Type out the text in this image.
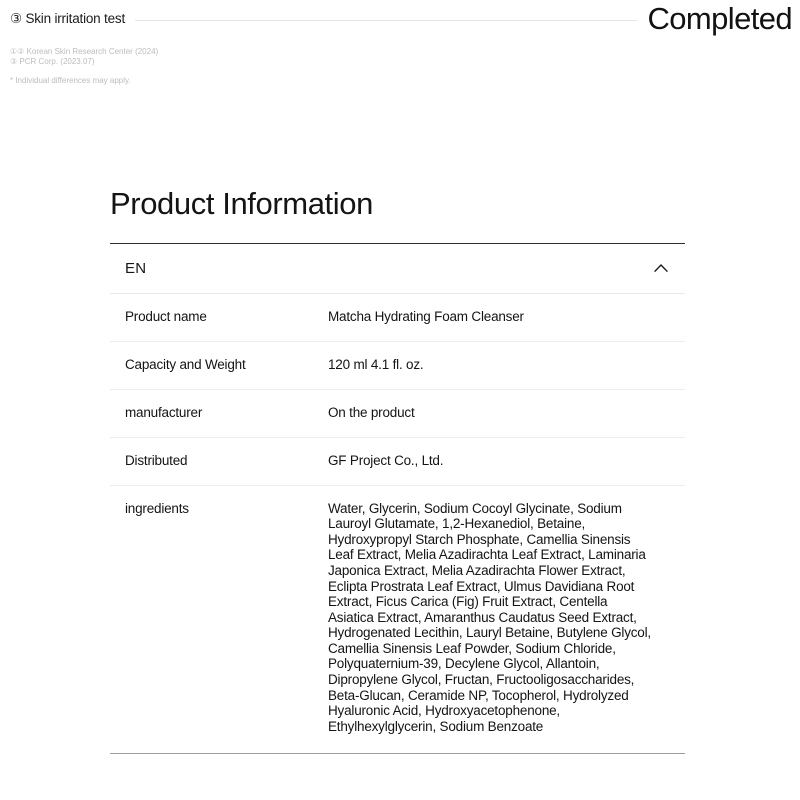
③ Skin irritation test	Completed
①② Korean Skin Research Center (2024)
③ PCR Corp. (2023.07)
* Individual differences may apply.
Product Information
EN
Product name	Matcha Hydrating Foam Cleanser
Capacity and Weight	120 ml 4.1 fl. oz.
manufacturer	On the product
Distributed	GF Project Co., Ltd.
ingredients	Water, Glycerin, Sodium Cocoyl Glycinate, Sodium Lauroyl Glutamate, 1,2-Hexanediol, Betaine, Hydroxypropyl Starch Phosphate, Camellia Sinensis Leaf Extract, Melia Azadirachta Leaf Extract, Laminaria Japonica Extract, Melia Azadirachta Flower Extract, Eclipta Prostrata Leaf Extract, Ulmus Davidiana Root Extract, Ficus Carica (Fig) Fruit Extract, Centella Asiatica Extract, Amaranthus Caudatus Seed Extract, Hydrogenated Lecithin, Lauryl Betaine, Butylene Glycol, Camellia Sinensis Leaf Powder, Sodium Chloride, Polyquaternium-39, Decylene Glycol, Allantoin, Dipropylene Glycol, Fructan, Fructooligosaccharides, Beta-Glucan, Ceramide NP, Tocopherol, Hydrolyzed Hyaluronic Acid, Hydroxyacetophenone, Ethylhexylglycerin, Sodium Benzoate
